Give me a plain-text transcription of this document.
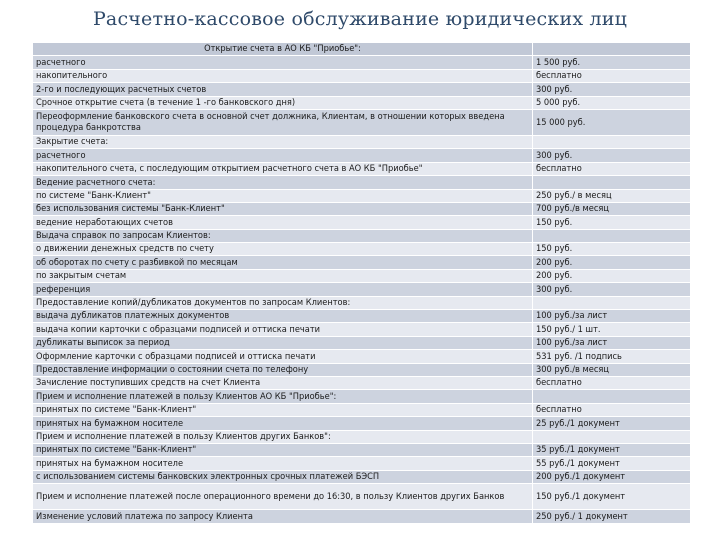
Расчетно-кассовое обслуживание юридических лиц
Открытие счета в АО КБ "Приобье":	
расчетного	1 500 руб.
накопительного	бесплатно
2-го и последующих расчетных счетов	300 руб.
Срочное открытие счета (в течение 1 -го банковского дня)	5 000 руб.
Переоформление банковского счета в основной счет должника, Клиентам, в отношении которых введена процедура банкротства	15 000 руб.
Закрытие счета:	
расчетного	300 руб.
накопительного счета, с последующим открытием расчетного счета в АО КБ "Приобье"	бесплатно
Ведение расчетного счета:	
по системе "Банк-Клиент"	250 руб./ в месяц
без использования системы "Банк-Клиент"	700 руб./в месяц
ведение неработающих счетов	150 руб.
Выдача справок по запросам Клиентов:	
о движении денежных средств по счету	150 руб.
об оборотах по счету с разбивкой по месяцам	200 руб.
по закрытым счетам	200 руб.
референция	300 руб.
Предоставление копий/дубликатов документов по запросам Клиентов:	
выдача дубликатов платежных документов	100 руб./за лист
выдача копии карточки с образцами подписей и оттиска печати	150 руб./ 1 шт.
дубликаты выписок за период	100 руб./за лист
Оформление карточки с образцами подписей и оттиска печати	531 руб. /1 подпись
Предоставление информации о состоянии счета по телефону	300 руб./в месяц
Зачисление поступивших средств на счет Клиента	бесплатно
Прием и исполнение платежей в пользу Клиентов АО КБ "Приобье":	
принятых по системе "Банк-Клиент"	бесплатно
принятых на бумажном носителе	25 руб./1 документ
Прием и исполнение платежей в пользу Клиентов других Банков":	
принятых по системе "Банк-Клиент"	35 руб./1 документ
принятых на бумажном носителе	55 руб./1 документ
с использованием системы банковских электронных срочных платежей БЭСП	200 руб./1 документ
Прием и исполнение платежей после операционного времени до 16:30, в пользу Клиентов других Банков	150 руб./1 документ
Изменение условий платежа по запросу Клиента	250 руб./ 1 документ
